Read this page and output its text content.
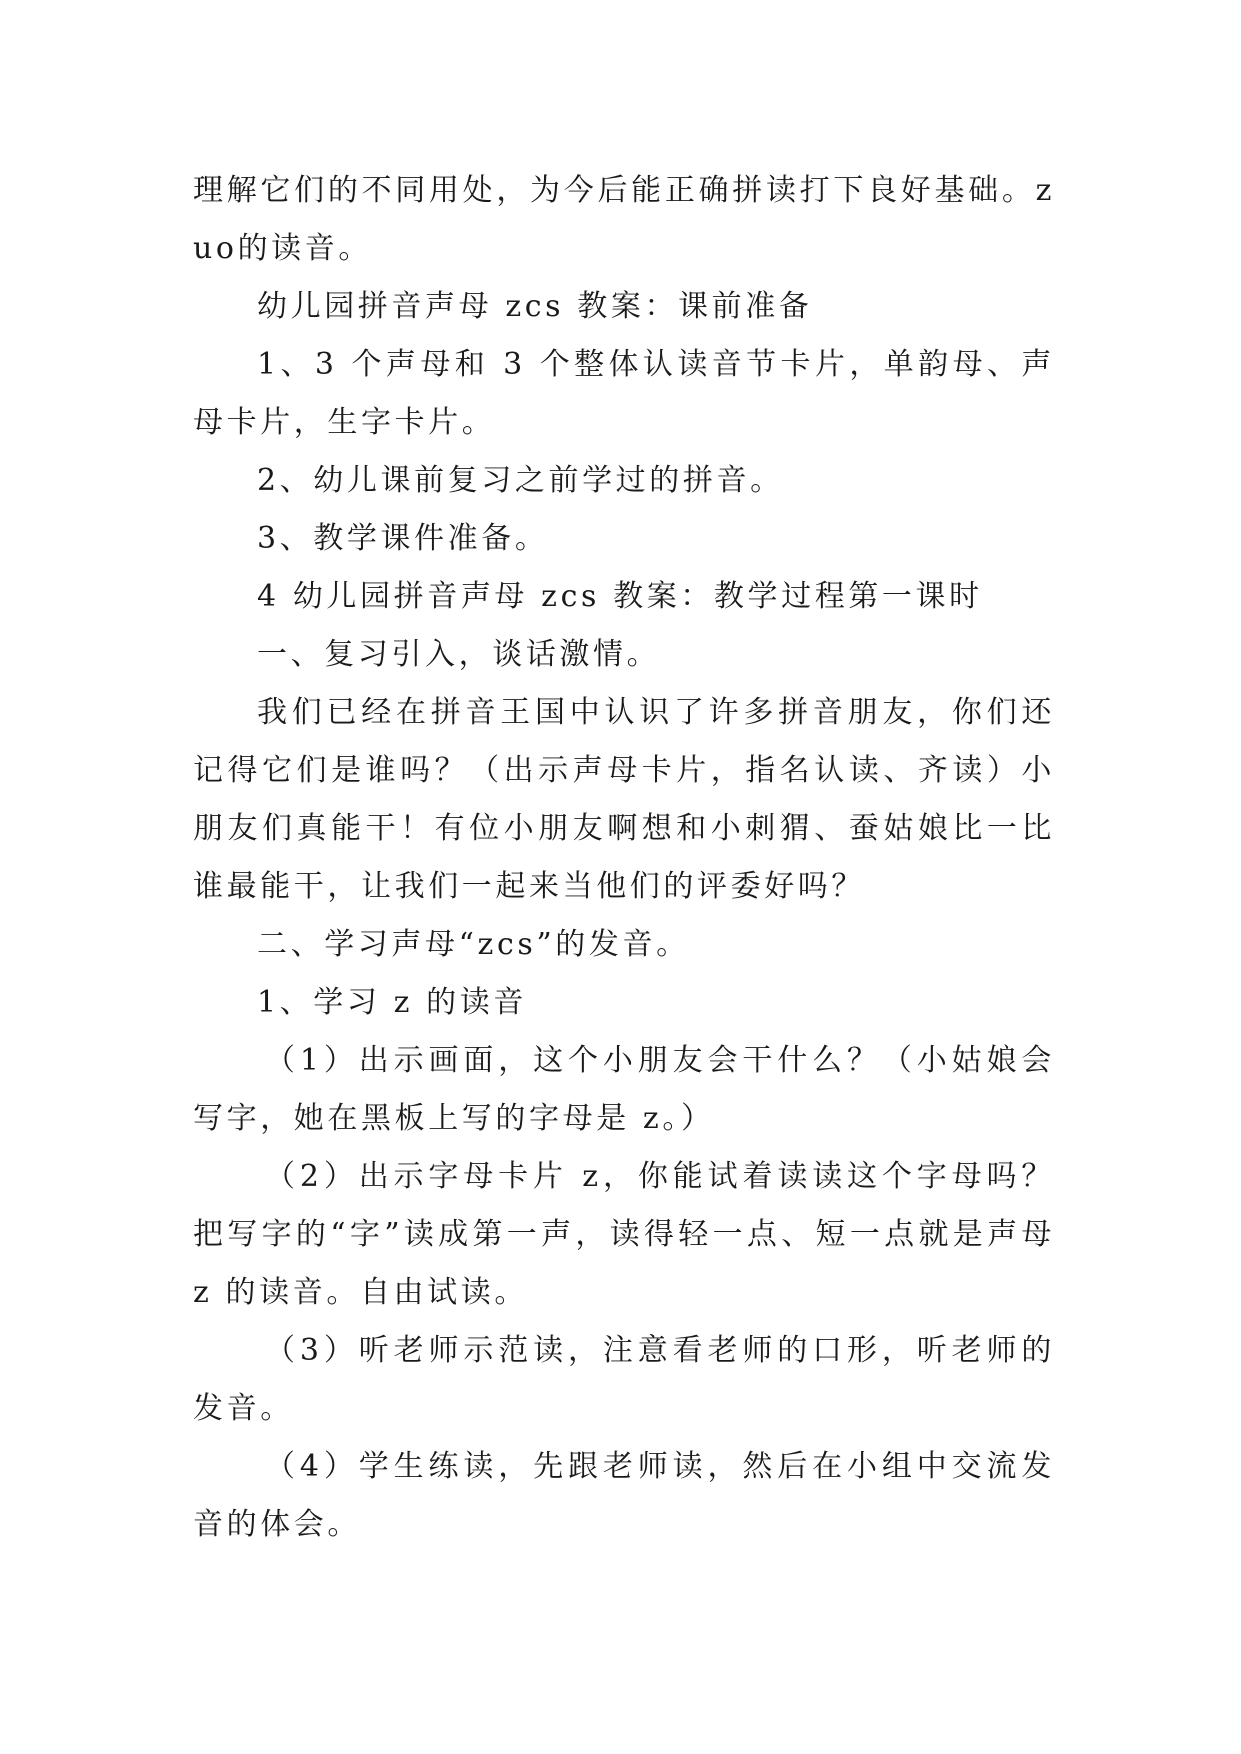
理解它们的不同用处，为今后能正确拼读打下良好基础。zuo的读音。

幼儿园拼音声母 zcs 教案：课前准备

1、3 个声母和 3 个整体认读音节卡片，单韵母、声母卡片，生字卡片。

2、幼儿课前复习之前学过的拼音。

3、教学课件准备。

4 幼儿园拼音声母 zcs 教案：教学过程第一课时

一、复习引入，谈话激情。

我们已经在拼音王国中认识了许多拼音朋友，你们还记得它们是谁吗？（出示声母卡片，指名认读、齐读）小朋友们真能干！有位小朋友啊想和小刺猬、蚕姑娘比一比谁最能干，让我们一起来当他们的评委好吗？

二、学习声母“zcs”的发音。

1、学习 z 的读音

（1）出示画面，这个小朋友会干什么？（小姑娘会写字，她在黑板上写的字母是 z。）

（2）出示字母卡片 z，你能试着读读这个字母吗？把写字的“字”读成第一声，读得轻一点、短一点就是声母 z 的读音。自由试读。

（3）听老师示范读，注意看老师的口形，听老师的发音。

（4）学生练读，先跟老师读，然后在小组中交流发音的体会。
